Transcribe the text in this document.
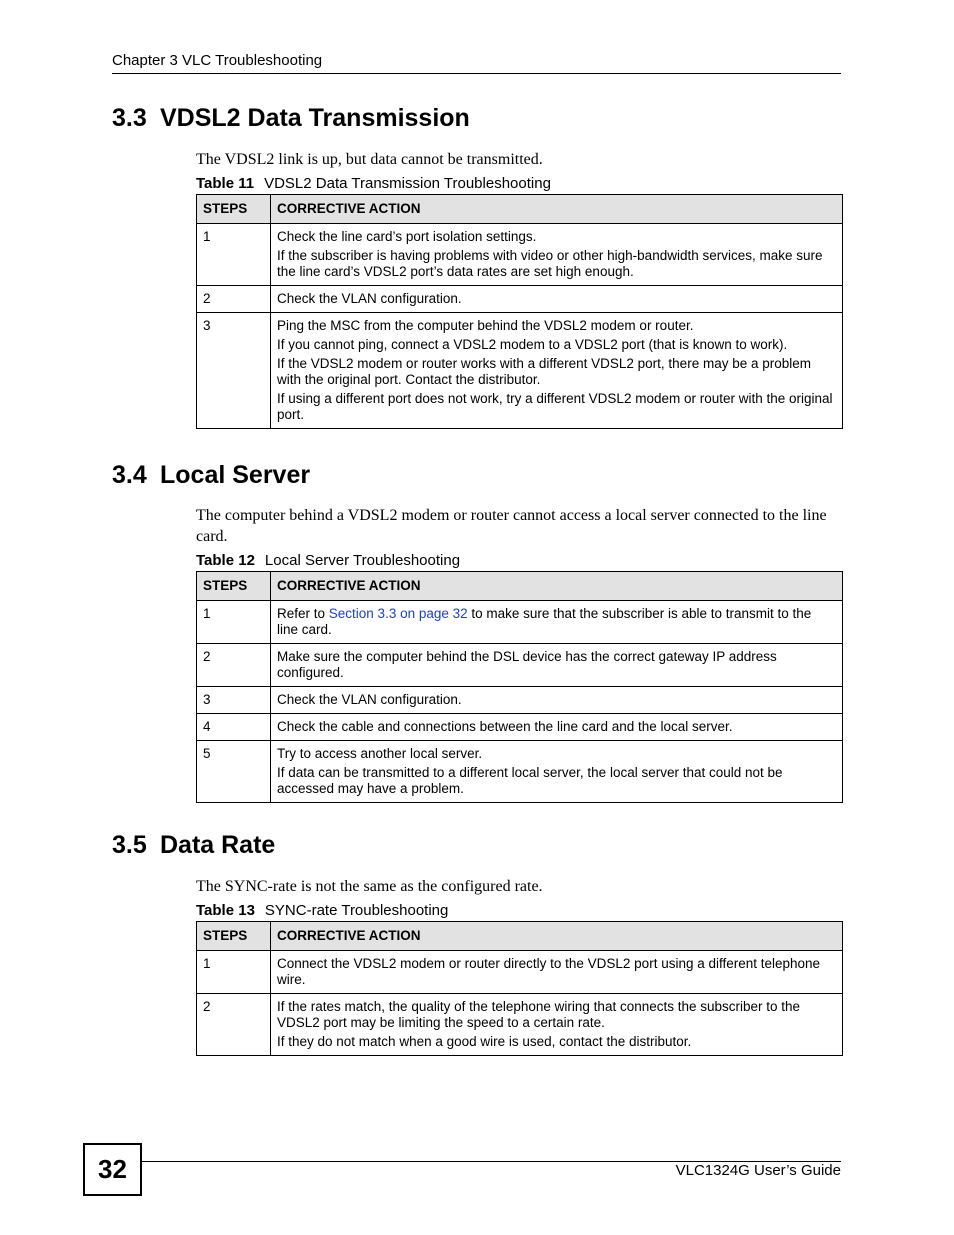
Chapter 3 VLC Troubleshooting
3.3 VDSL2 Data Transmission

The VDSL2 link is up, but data cannot be transmitted.

Table 11 VDSL2 Data Transmission Troubleshooting
STEPS	CORRECTIVE ACTION
1	Check the line card’s port isolation settings.

If the subscriber is having problems with video or other high-bandwidth services, make sure the line card’s VDSL2 port’s data rates are set high enough.

2	Check the VLAN configuration.

3	Ping the MSC from the computer behind the VDSL2 modem or router.

If you cannot ping, connect a VDSL2 modem to a VDSL2 port (that is known to work).

If the VDSL2 modem or router works with a different VDSL2 port, there may be a problem with the original port. Contact the distributor.

If using a different port does not work, try a different VDSL2 modem or router with the original port.

3.4 Local Server

The computer behind a VDSL2 modem or router cannot access a local server connected to the line card.

Table 12 Local Server Troubleshooting
STEPS	CORRECTIVE ACTION
1	Refer to Section 3.3 on page 32 to make sure that the subscriber is able to transmit to the line card.

2	Make sure the computer behind the DSL device has the correct gateway IP address configured.

3	Check the VLAN configuration.

4	Check the cable and connections between the line card and the local server.

5	Try to access another local server.

If data can be transmitted to a different local server, the local server that could not be accessed may have a problem.

3.5 Data Rate

The SYNC-rate is not the same as the configured rate.

Table 13 SYNC-rate Troubleshooting
STEPS	CORRECTIVE ACTION
1	Connect the VDSL2 modem or router directly to the VDSL2 port using a different telephone wire.

2	If the rates match, the quality of the telephone wiring that connects the subscriber to the VDSL2 port may be limiting the speed to a certain rate.

If they do not match when a good wire is used, contact the distributor.

32	VLC1324G User’s Guide
